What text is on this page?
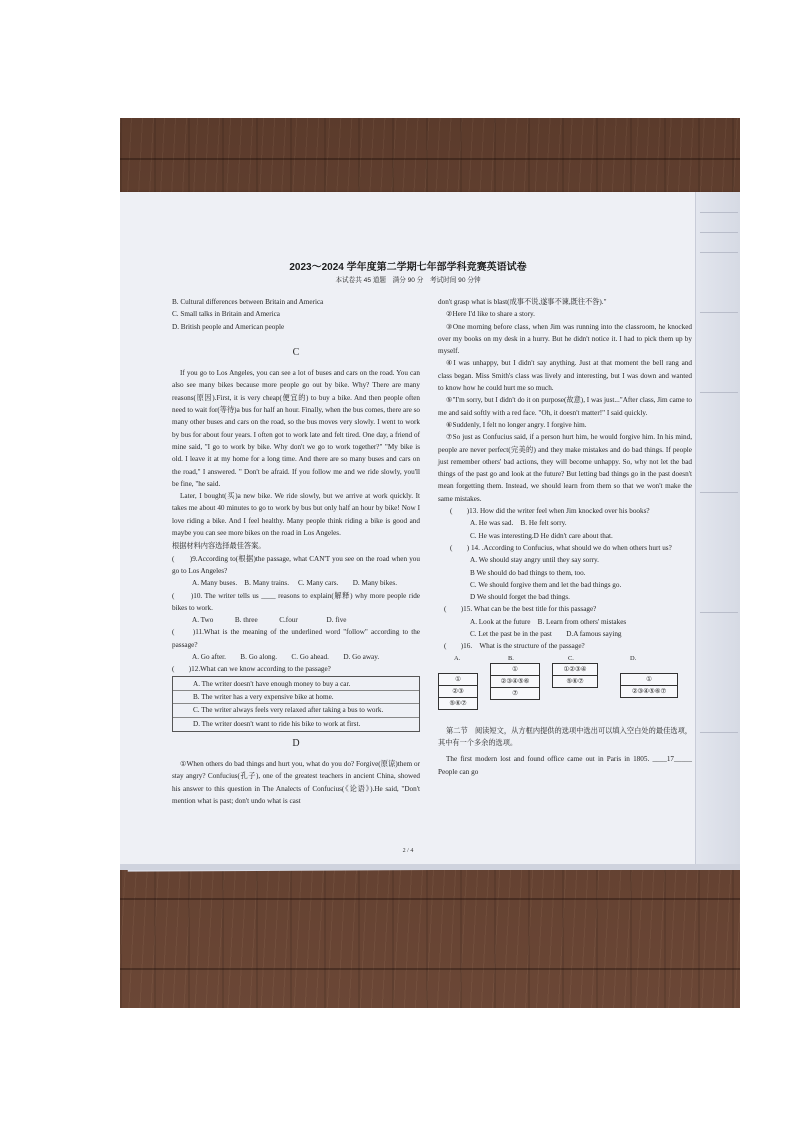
2023～2024 学年度第二学期七年部学科竞赛英语试卷
本试卷共 45 道题　满分 90 分　考试时间 90 分钟

B. Cultural differences between Britain and America

C. Small talks in Britain and America

D. British people and American people

C

If you go to Los Angeles, you can see a lot of buses and cars on the road. You can also see many bikes because more people go out by bike. Why? There are many reasons(原因).First, it is very cheap(便宜的) to buy a bike. And then people often need to wait for(等待)a bus for half an hour. Finally, when the bus comes, there are so many other buses and cars on the road, so the bus moves very slowly. I went to work by bus for about four years. I often got to work late and felt tired. One day, a friend of mine said, "I go to work by bike. Why don't we go to work together?" "My bike is old. I leave it at my home for a long time. And there are so many buses and cars on the road," I answered. " Don't be afraid. If you follow me and we ride slowly, you'll be fine, "he said.

Later, I bought(买)a new bike. We ride slowly, but we arrive at work quickly. It takes me about 40 minutes to go to work by bus but only half an hour by bike! Now I love riding a bike. And I feel healthy. Many people think riding a bike is good and maybe you can see more bikes on the road in Los Angeles.

根据材料内容选择最佳答案。

(　　)9.According to(根据)the passage, what CAN'T you see on the road when you go to Los Angeles?

A. Many buses.　B. Many trains.　 C. Many cars.　　D. Many bikes.

(　　)10. The writer tells us ____ reasons to explain(解释) why more people ride bikes to work.

A. Two　　　B. three　　　C.four　　　　D. five

(　　)11.What is the meaning of the underlined word "follow" according to the passage?

A. Go after.　　B. Go along.　　C. Go ahead.　　D. Go away.

(　　)12.What can we know according to the passage?

A. The writer doesn't have enough money to buy a car.

B. The writer has a very expensive bike at home.

C. The writer always feels very relaxed after taking a bus to work.

D. The writer doesn't want to ride his bike to work at first.

D

①When others do bad things and hurt you, what do you do? Forgive(原谅)them or stay angry? Confucius(孔子), one of the greatest teachers in ancient China, showed his answer to this question in The Analects of Confucius(《论语》).He said, "Don't mention what is past; don't undo what is cast

don't grasp what is blast(成事不说,遂事不谏,既往不咎)."

②Here I'd like to share a story.

③One morning before class, when Jim was running into the classroom, he knocked over my books on my desk in a hurry. But he didn't notice it. I had to pick them up by myself.

④I was unhappy, but I didn't say anything. Just at that moment the bell rang and class began. Miss Smith's class was lively and interesting, but I was down and wanted to know how he could hurt me so much.

⑤"I'm sorry, but I didn't do it on purpose(故意), I was just..."After class, Jim came to me and said softly with a red face. "Oh, it doesn't matter!" I said quickly.

⑥Suddenly, I felt no longer angry. I forgive him.

⑦So just as Confucius said, if a person hurt him, he would forgive him. In his mind, people are never perfect(完美的) and they make mistakes and do bad things. If people just remember others' bad actions, they will become unhappy. So, why not let the bad things of the past go and look at the future? But letting bad things go in the past doesn't mean forgetting them. Instead, we should learn from them so that we won't make the same mistakes.

(　　)13. How did the writer feel when Jim knocked over his books?

A. He was sad.　B. He felt sorry.

C. He was interesting.D He didn't care about that.

(　　) 14. .According to Confucius, what should we do when others hurt us?

A. We should stay angry until they say sorry.

B We should do bad things to them, too.

C. We should forgive them and let the bad things go.

D We should forget the bad things.

(　　)15. What can be the best title for this passage?

A. Look at the future　B. Learn from others' mistakes

C. Let the past be in the past　　D.A famous saying

(　　)16.　What is the structure of the passage?

A.	B.	C.	D.
①
②③
⑤⑥⑦
①
②③④⑤⑥
⑦
①②③④
⑤⑥⑦	①
②③④⑤⑥⑦

第二节　阅读短文，从方框内提供的选项中选出可以填入空白处的最佳选项，其中有一个多余的选项。

The first modern lost and found office came out in Paris in 1805. ____17_____ People can go

2 / 4
